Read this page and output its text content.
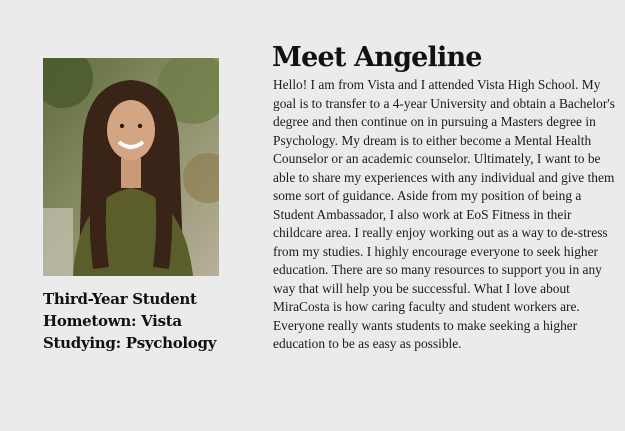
Third-Year Student
Hometown: Vista
Studying: Psychology
Meet Angeline

Hello! I am from Vista and I attended Vista High School. My goal is to transfer to a 4-year University and obtain a Bachelor's degree and then continue on in pursuing a Masters degree in Psychology. My dream is to either become a Mental Health Counselor or an academic counselor. Ultimately, I want to be able to share my experiences with any individual and give them some sort of guidance. Aside from my position of being a Student Ambassador, I also work at EoS Fitness in their childcare area. I really enjoy working out as a way to de-stress from my studies. I highly encourage everyone to seek higher education. There are so many resources to support you in any way that will help you be successful. What I love about MiraCosta is how caring faculty and student workers are. Everyone really wants students to make seeking a higher education to be as easy as possible.
